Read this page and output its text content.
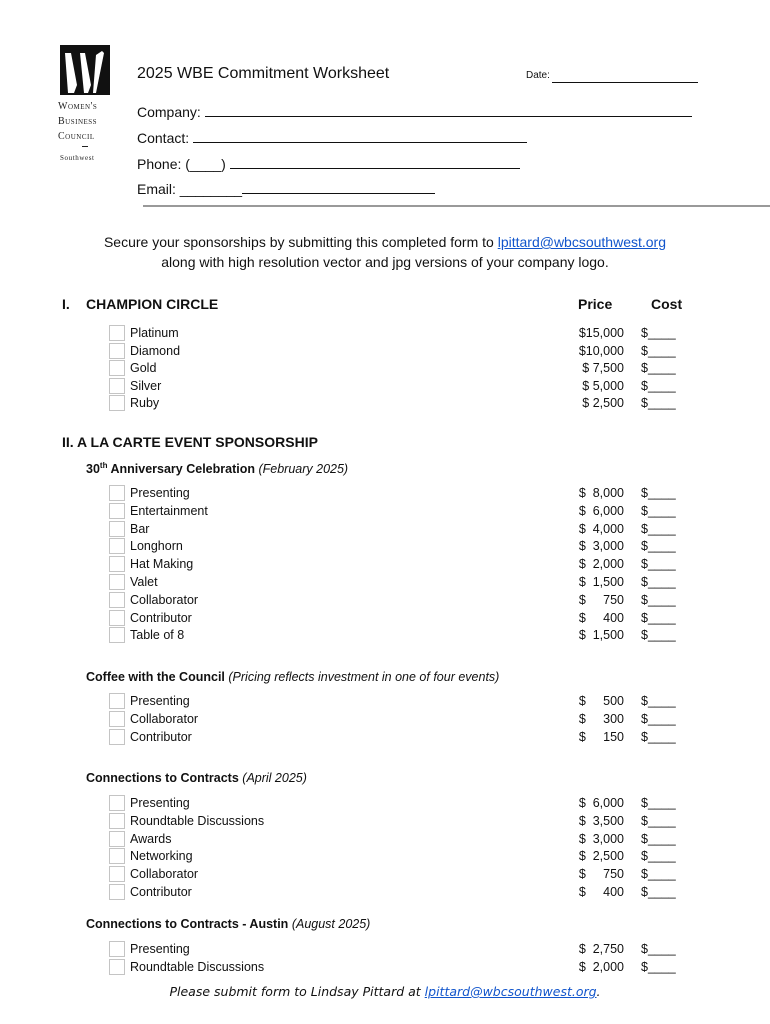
Women's
Business
Council
Southwest
2025 WBE Commitment Worksheet	Date:
Company:
Contact:
Phone: (____)
Email: ________
Secure your sponsorships by submitting this completed form to lpittard@wbcsouthwest.org
along with high resolution vector and jpg versions of your company logo.
I. CHAMPION CIRCLE	Price	Cost
Platinum	$15,000 $____
Diamond	$10,000 $____
Gold	$ 7,500 $____
Silver	$ 5,000 $____
Ruby	$ 2,500 $____
II. A LA CARTE EVENT SPONSORSHIP
30th Anniversary Celebration (February 2025)
Presenting	$  8,000 $____
Entertainment	$  6,000 $____
Bar	$  4,000 $____
Longhorn	$  3,000 $____
Hat Making	$  2,000 $____
Valet	$  1,500 $____
Collaborator	$     750 $____
Contributor	$     400 $____
Table of 8	$  1,500 $____
Coffee with the Council (Pricing reflects investment in one of four events)
Presenting	$     500 $____
Collaborator	$     300 $____
Contributor	$     150 $____
Connections to Contracts (April 2025)
Presenting	$  6,000 $____
Roundtable Discussions	$  3,500 $____
Awards	$  3,000 $____
Networking	$  2,500 $____
Collaborator	$     750 $____
Contributor	$     400 $____
Connections to Contracts - Austin (August 2025)
Presenting	$  2,750 $____
Roundtable Discussions	$  2,000 $____
Please submit form to Lindsay Pittard at lpittard@wbcsouthwest.org.
